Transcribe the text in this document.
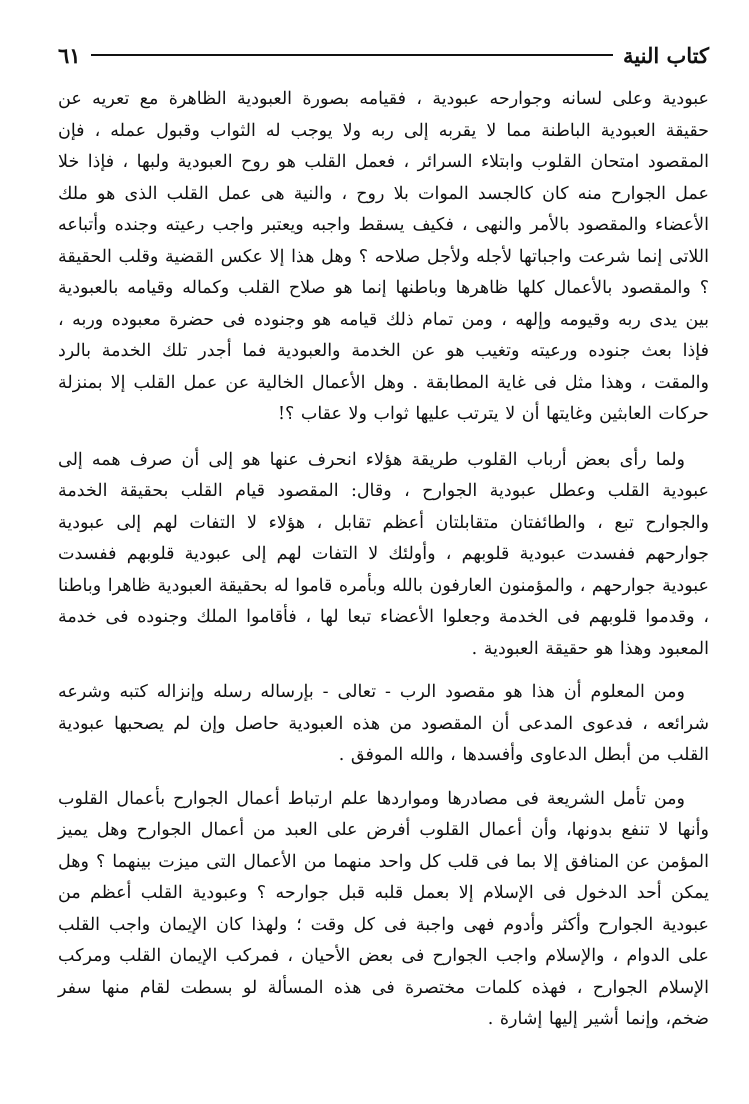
كتاب النية
٦١

عبودية وعلى لسانه وجوارحه عبودية ، فقيامه بصورة العبودية الظاهرة مع تعريه عن حقيقة العبودية الباطنة مما لا يقربه إلى ربه ولا يوجب له الثواب وقبول عمله ، فإن المقصود امتحان القلوب وابتلاء السرائر ، فعمل القلب هو روح العبودية ولبها ، فإذا خلا عمل الجوارح منه كان كالجسد الموات بلا روح ، والنية هى عمل القلب الذى هو ملك الأعضاء والمقصود بالأمر والنهى ، فكيف يسقط واجبه ويعتبر واجب رعيته وجنده وأتباعه اللاتى إنما شرعت واجباتها لأجله ولأجل صلاحه ؟ وهل هذا إلا عكس القضية وقلب الحقيقة ؟ والمقصود بالأعمال كلها ظاهرها وباطنها إنما هو صلاح القلب وكماله وقيامه بالعبودية بين يدى ربه وقيومه وإلهه ، ومن تمام ذلك قيامه هو وجنوده فى حضرة معبوده وربه ، فإذا بعث جنوده ورعيته وتغيب هو عن الخدمة والعبودية فما أجدر تلك الخدمة بالرد والمقت ، وهذا مثل فى غاية المطابقة . وهل الأعمال الخالية عن عمل القلب إلا بمنزلة حركات العابثين وغايتها أن لا يترتب عليها ثواب ولا عقاب ؟!

ولما رأى بعض أرباب القلوب طريقة هؤلاء انحرف عنها هو إلى أن صرف همه إلى عبودية القلب وعطل عبودية الجوارح ، وقال: المقصود قيام القلب بحقيقة الخدمة والجوارح تبع ، والطائفتان متقابلتان أعظم تقابل ، هؤلاء لا التفات لهم إلى عبودية جوارحهم ففسدت عبودية قلوبهم ، وأولئك لا التفات لهم إلى عبودية قلوبهم ففسدت عبودية جوارحهم ، والمؤمنون العارفون بالله وبأمره قاموا له بحقيقة العبودية ظاهرا وباطنا ، وقدموا قلوبهم فى الخدمة وجعلوا الأعضاء تبعا لها ، فأقاموا الملك وجنوده فى خدمة المعبود وهذا هو حقيقة العبودية .

ومن المعلوم أن هذا هو مقصود الرب - تعالى - بإرساله رسله وإنزاله كتبه وشرعه شرائعه ، فدعوى المدعى أن المقصود من هذه العبودية حاصل وإن لم يصحبها عبودية القلب من أبطل الدعاوى وأفسدها ، والله الموفق .

ومن تأمل الشريعة فى مصادرها ومواردها علم ارتباط أعمال الجوارح بأعمال القلوب وأنها لا تنفع بدونها، وأن أعمال القلوب أفرض على العبد من أعمال الجوارح وهل يميز المؤمن عن المنافق إلا بما فى قلب كل واحد منهما من الأعمال التى ميزت بينهما ؟ وهل يمكن أحد الدخول فى الإسلام إلا بعمل قلبه قبل جوارحه ؟ وعبودية القلب أعظم من عبودية الجوارح وأكثر وأدوم فهى واجبة فى كل وقت ؛ ولهذا كان الإيمان واجب القلب على الدوام ، والإسلام واجب الجوارح فى بعض الأحيان ، فمركب الإيمان القلب ومركب الإسلام الجوارح ، فهذه كلمات مختصرة فى هذه المسألة لو بسطت لقام منها سفر ضخم، وإنما أشير إليها إشارة .
